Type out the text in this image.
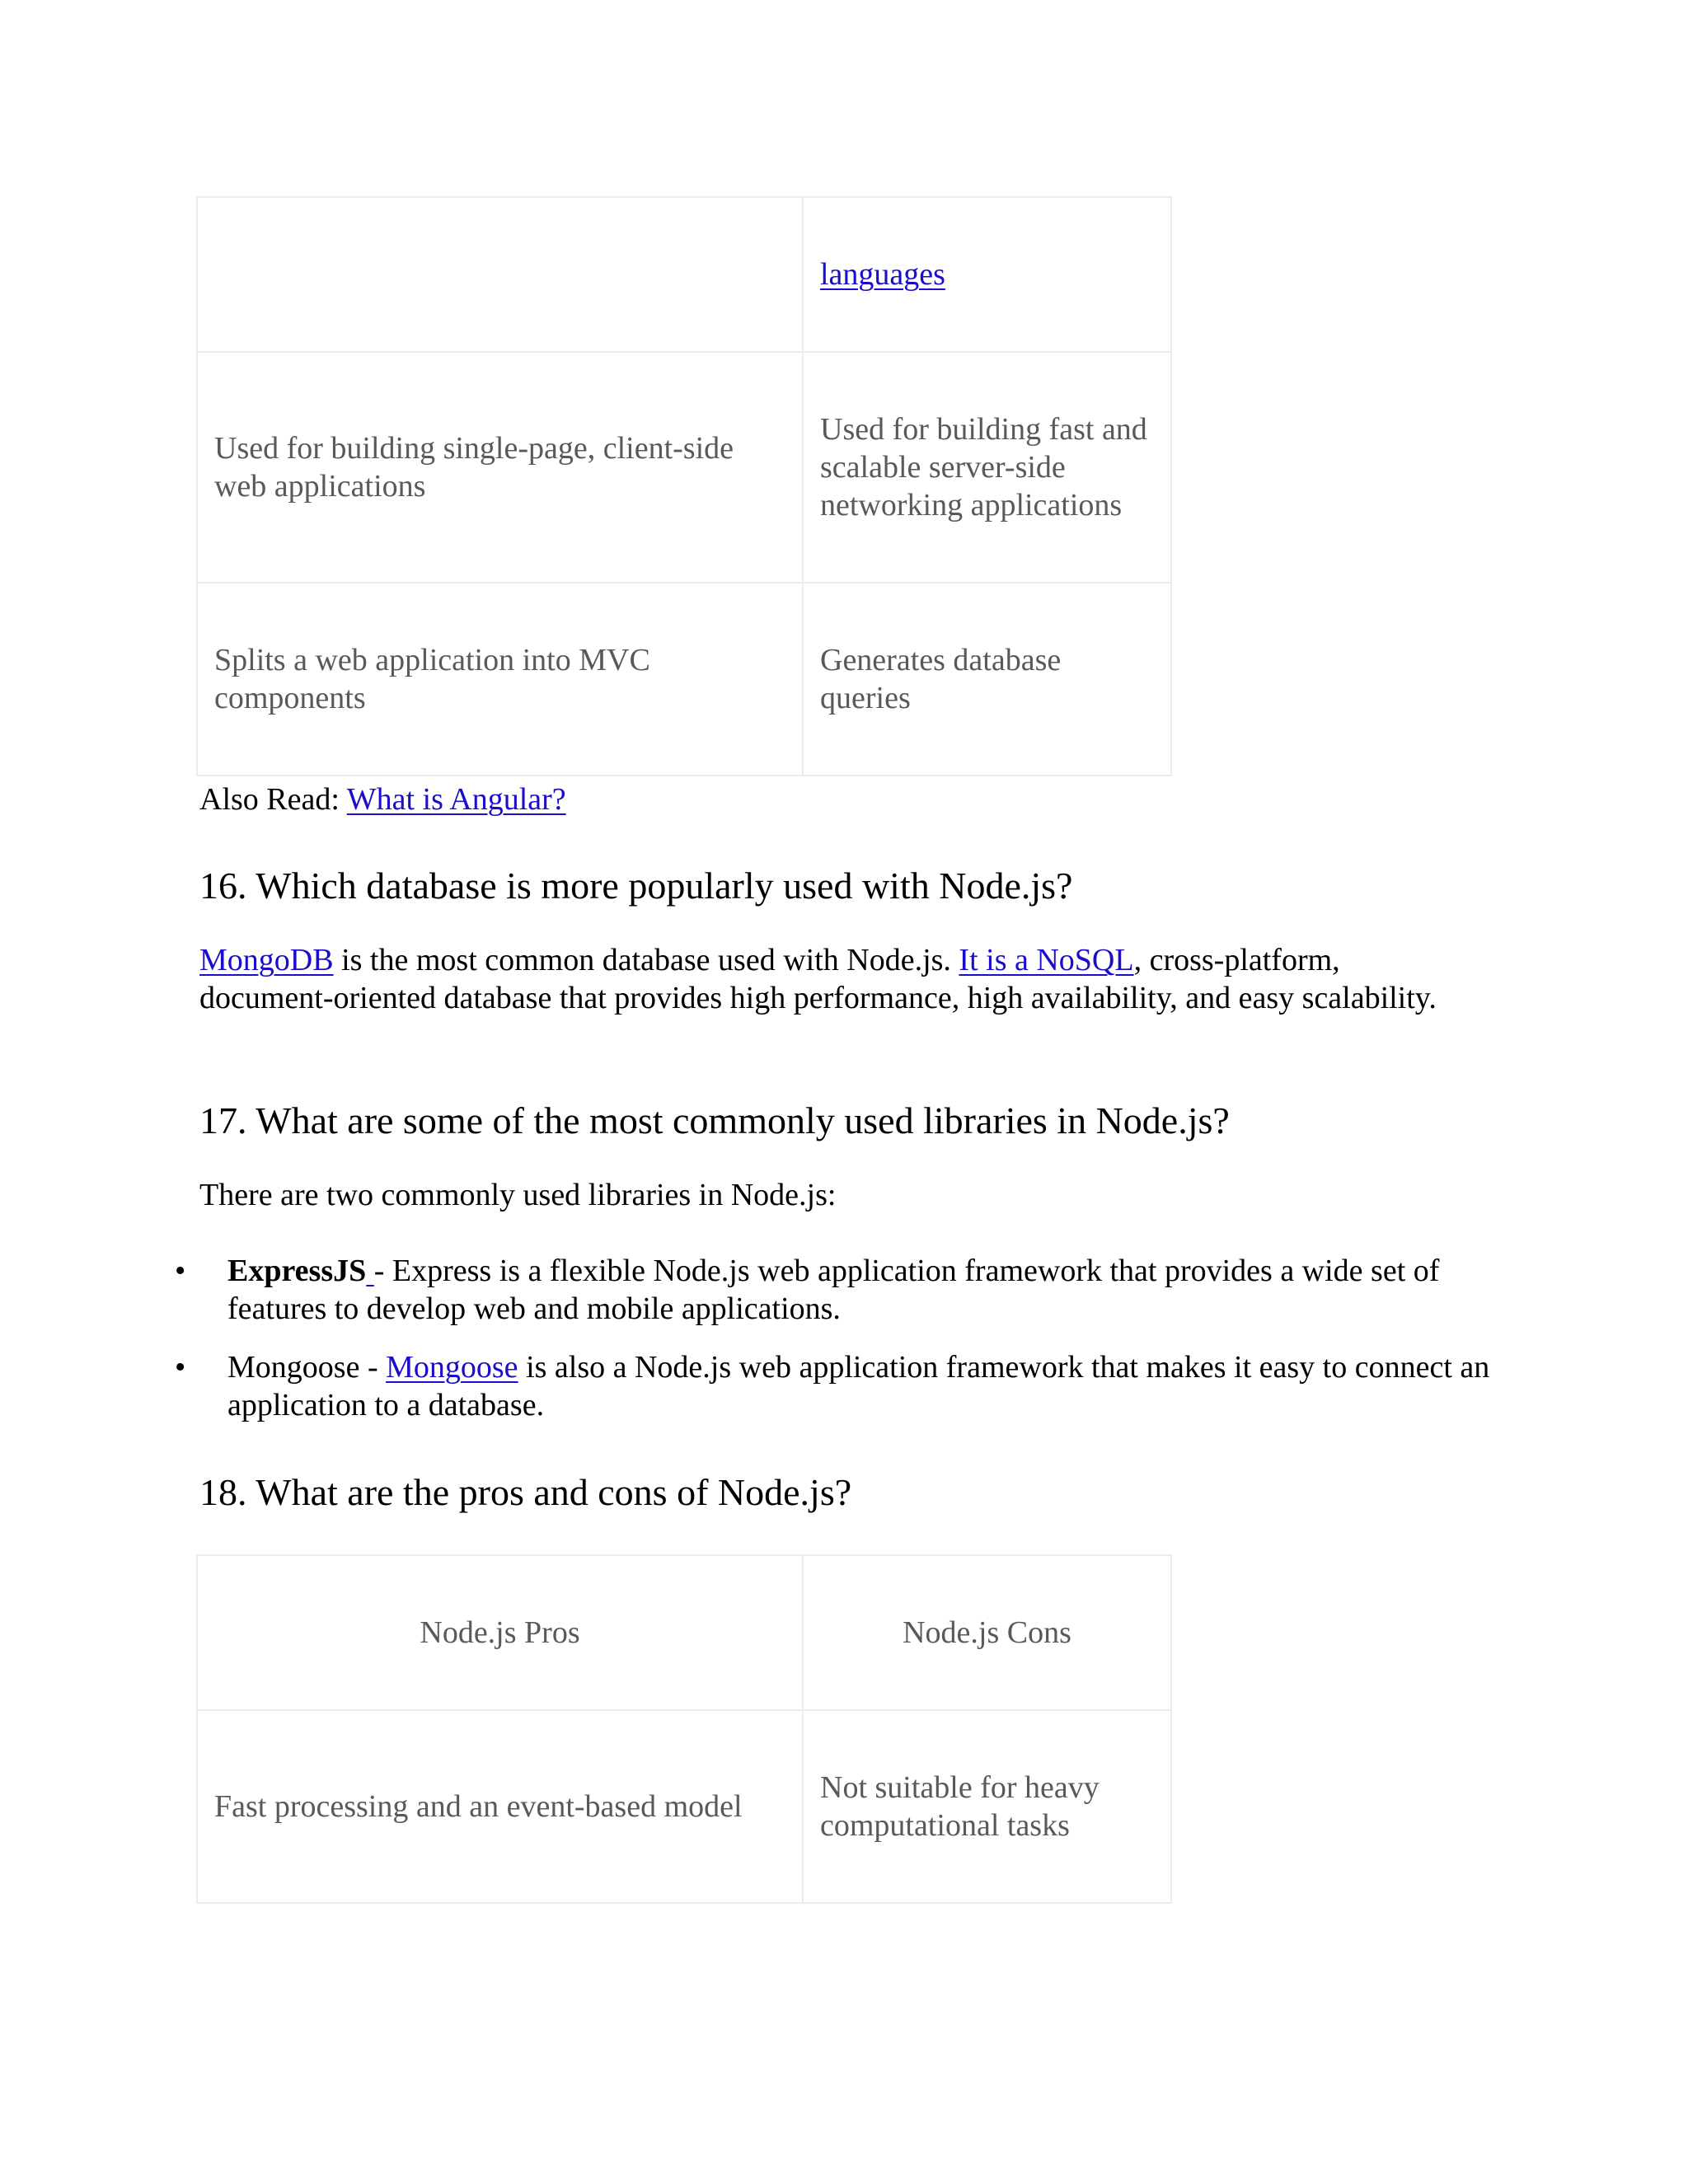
	languages
Used for building single-page, client-side web applications	Used for building fast and scalable server-side networking applications
Splits a web application into MVC components	Generates database queries

Also Read: What is Angular?

16. Which database is more popularly used with Node.js?

MongoDB is the most common database used with Node.js. It is a NoSQL, cross-platform, document-oriented database that provides high performance, high availability, and easy scalability.

17. What are some of the most commonly used libraries in Node.js?

There are two commonly used libraries in Node.js:

• ExpressJS - Express is a flexible Node.js web application framework that provides a wide set of features to develop web and mobile applications.
• Mongoose - Mongoose is also a Node.js web application framework that makes it easy to connect an application to a database.
18. What are the pros and cons of Node.js?
Node.js Pros	Node.js Cons
Fast processing and an event-based model	Not suitable for heavy computational tasks
